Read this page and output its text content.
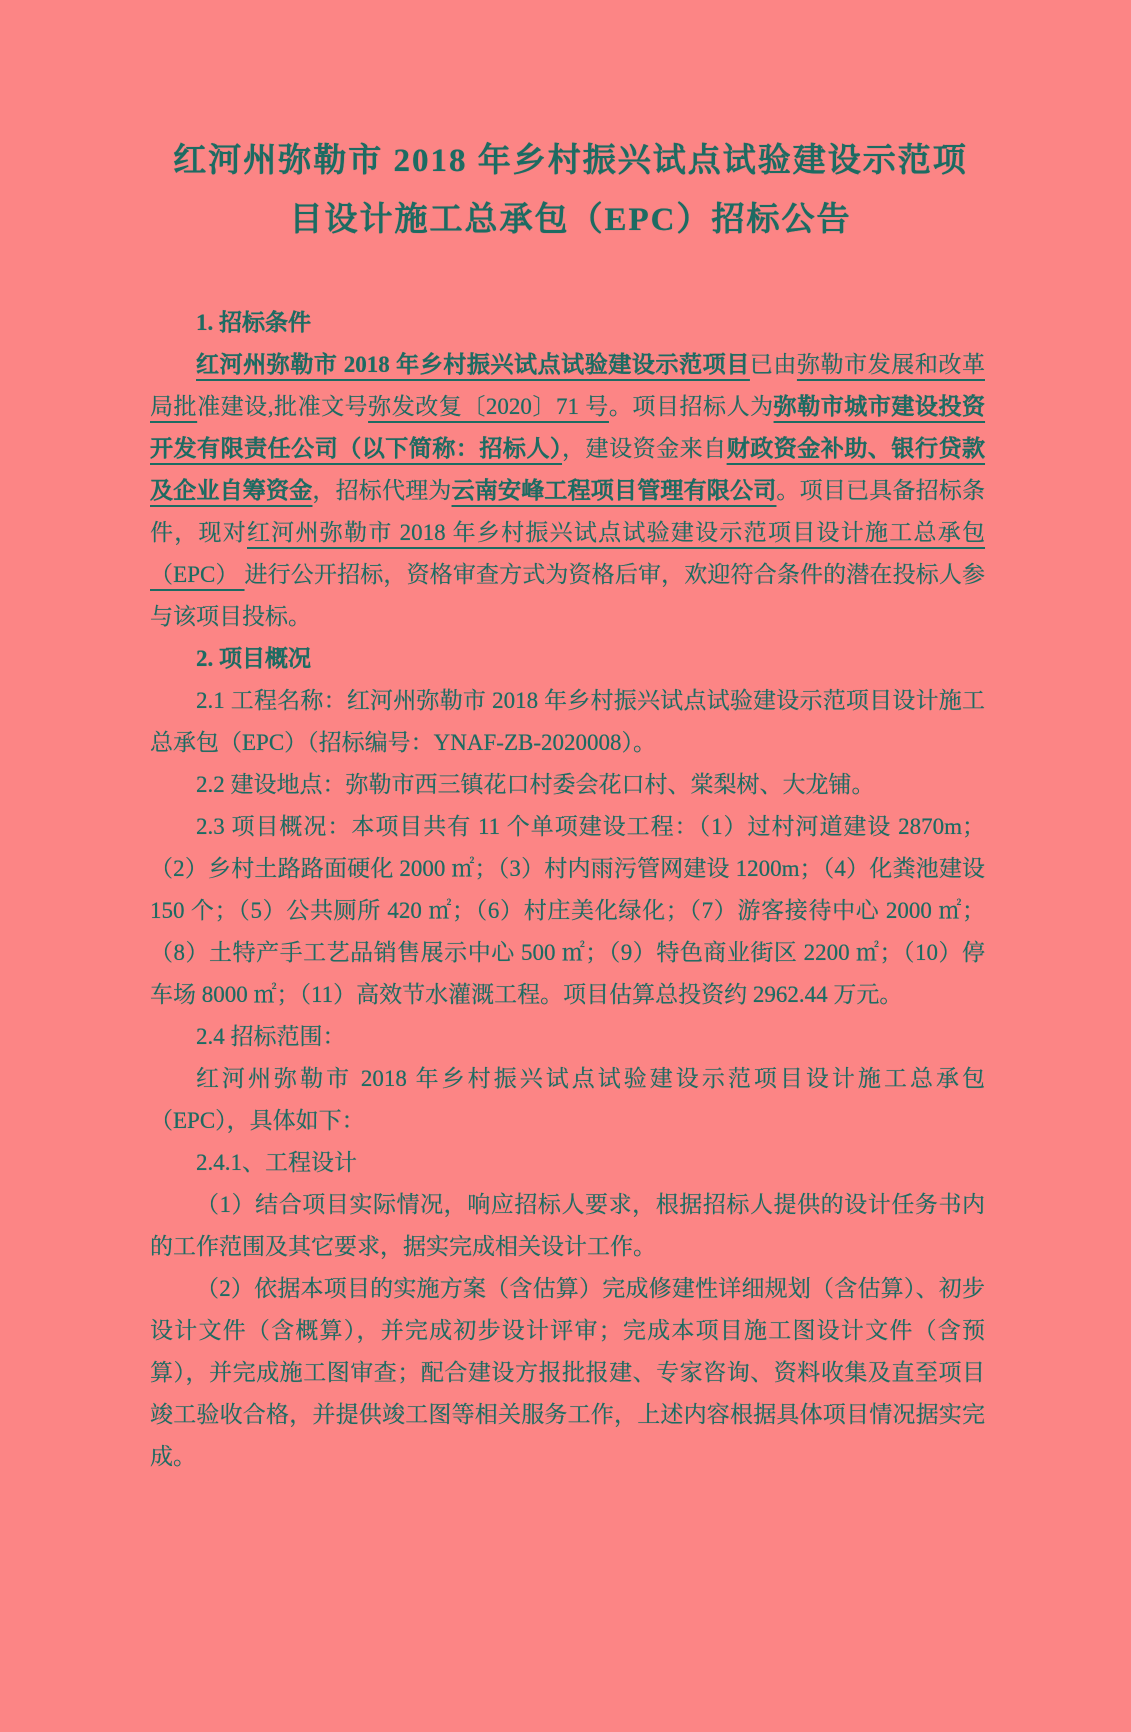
红河州弥勒市 2018 年乡村振兴试点试验建设示范项
目设计施工总承包（EPC）招标公告

1. 招标条件

红河州弥勒市 2018 年乡村振兴试点试验建设示范项目已由弥勒市发展和改革局批准建设,批准文号弥发改复〔2020〕71 号。项目招标人为弥勒市城市建设投资开发有限责任公司（以下简称：招标人），建设资金来自财政资金补助、银行贷款及企业自筹资金，招标代理为云南安峰工程项目管理有限公司。项目已具备招标条件，现对红河州弥勒市 2018 年乡村振兴试点试验建设示范项目设计施工总承包（EPC） 进行公开招标，资格审查方式为资格后审，欢迎符合条件的潜在投标人参与该项目投标。

2. 项目概况

2.1 工程名称：红河州弥勒市 2018 年乡村振兴试点试验建设示范项目设计施工总承包（EPC）（招标编号：YNAF-ZB-2020008）。

2.2 建设地点：弥勒市西三镇花口村委会花口村、棠梨树、大龙铺。

2.3 项目概况：本项目共有 11 个单项建设工程：（1）过村河道建设 2870m；（2）乡村土路路面硬化 2000 ㎡；（3）村内雨污管网建设 1200m；（4）化粪池建设 150 个；（5）公共厕所 420 ㎡；（6）村庄美化绿化；（7）游客接待中心 2000 ㎡；（8）土特产手工艺品销售展示中心 500 ㎡；（9）特色商业街区 2200 ㎡；（10）停车场 8000 ㎡；（11）高效节水灌溉工程。项目估算总投资约 2962.44 万元。

2.4 招标范围：

红河州弥勒市 2018 年乡村振兴试点试验建设示范项目设计施工总承包（EPC），具体如下：

2.4.1、工程设计

（1）结合项目实际情况，响应招标人要求，根据招标人提供的设计任务书内的工作范围及其它要求，据实完成相关设计工作。

（2）依据本项目的实施方案（含估算）完成修建性详细规划（含估算）、初步设计文件（含概算），并完成初步设计评审；完成本项目施工图设计文件（含预算），并完成施工图审查；配合建设方报批报建、专家咨询、资料收集及直至项目竣工验收合格，并提供竣工图等相关服务工作，上述内容根据具体项目情况据实完成。
